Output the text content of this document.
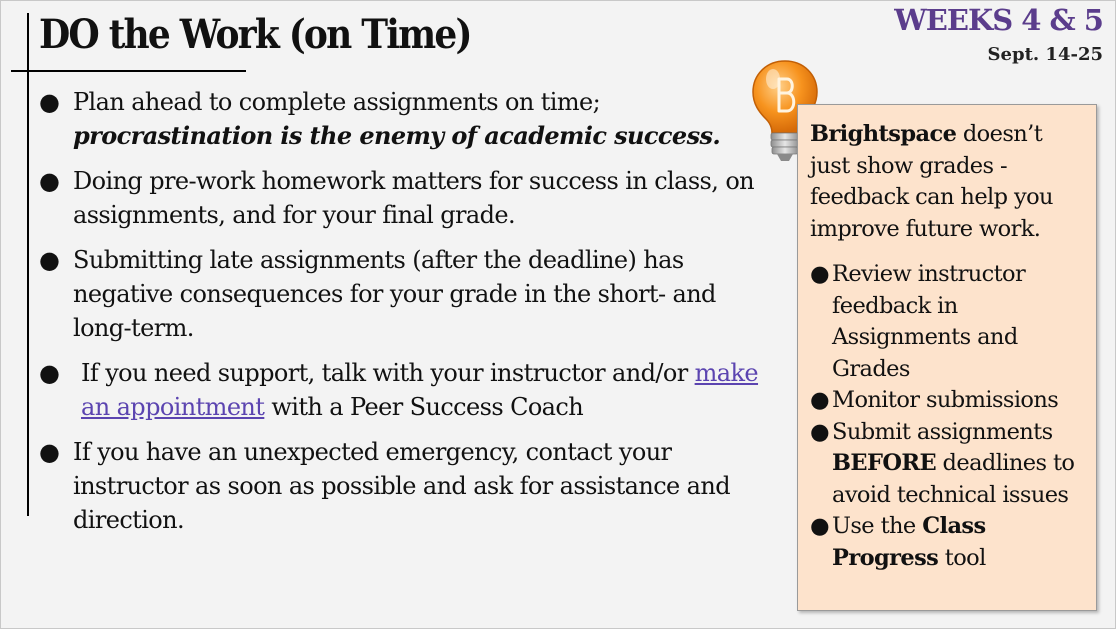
DO the Work (on Time)	WEEKS 4 & 5
Sept. 14-25
● Plan ahead to complete assignments on time; procrastination is the enemy of academic success.
● Doing pre-work homework matters for success in class, on assignments, and for your final grade.
● Submitting late assignments (after the deadline) has negative consequences for your grade in the short- and long-term.
● If you need support, talk with your instructor and/or make an appointment with a Peer Success Coach
● If you have an unexpected emergency, contact your instructor as soon as possible and ask for assistance and direction.

Brightspace doesn’t just show grades - feedback can help you improve future work.

● Review instructor feedback in Assignments and Grades
● Monitor submissions
● Submit assignments BEFORE deadlines to avoid technical issues
● Use the Class Progress tool
